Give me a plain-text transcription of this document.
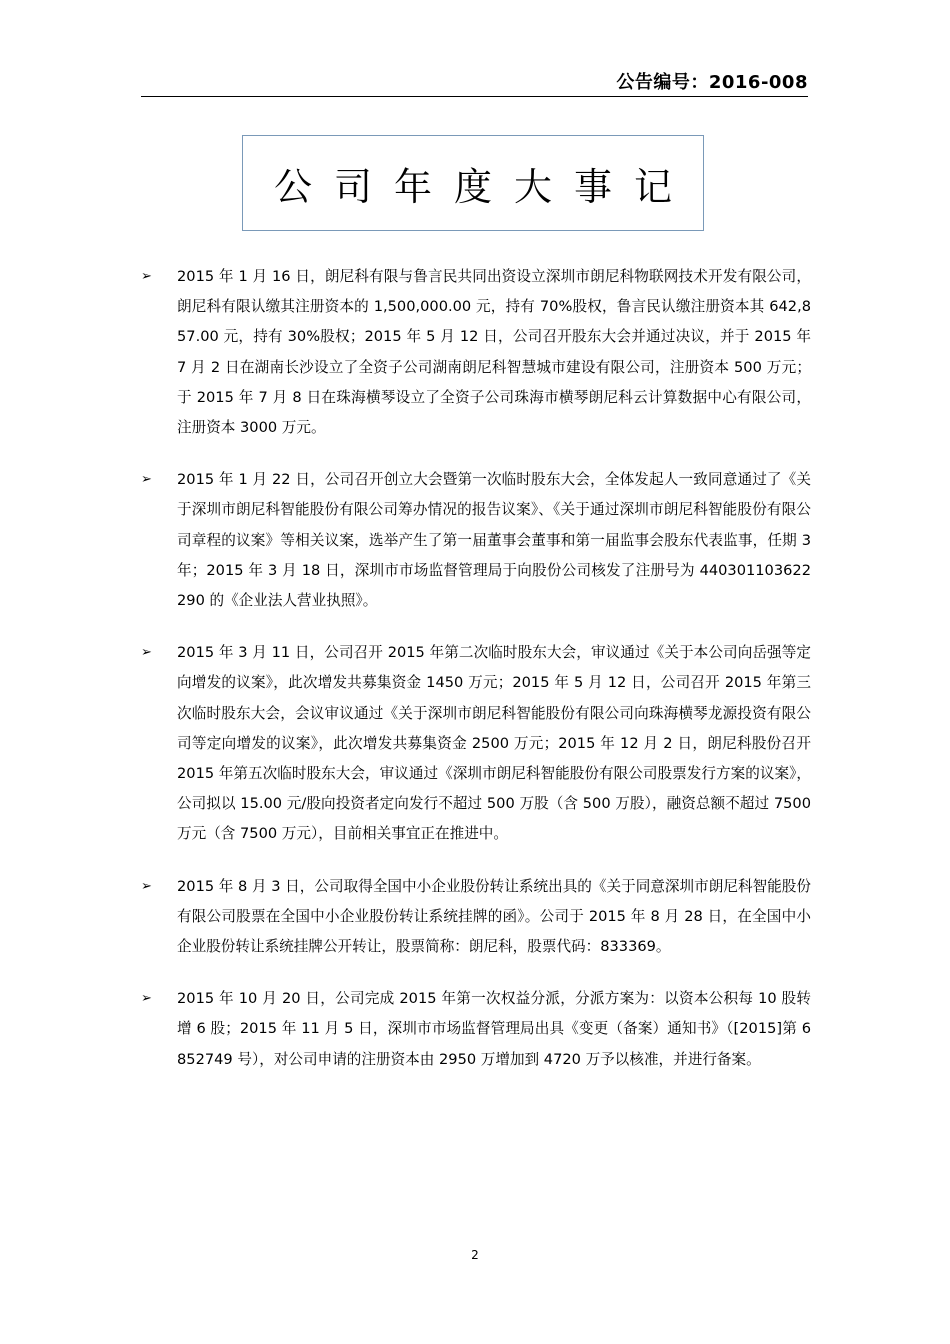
公告编号：2016-008
公司年度大事记
➢	2015 年 1 月 16 日，朗尼科有限与鲁言民共同出资设立深圳市朗尼科物联网技术开发有限公司，朗尼科有限认缴其注册资本的 1,500,000.00 元，持有 70%股权，鲁言民认缴注册资本其 642,857.00 元，持有 30%股权；2015 年 5 月 12 日，公司召开股东大会并通过决议，并于 2015 年 7 月 2 日在湖南长沙设立了全资子公司湖南朗尼科智慧城市建设有限公司，注册资本 500 万元；于 2015 年 7 月 8 日在珠海横琴设立了全资子公司珠海市横琴朗尼科云计算数据中心有限公司，注册资本 3000 万元。
➢	2015 年 1 月 22 日，公司召开创立大会暨第一次临时股东大会，全体发起人一致同意通过了《关于深圳市朗尼科智能股份有限公司筹办情况的报告议案》、《关于通过深圳市朗尼科智能股份有限公司章程的议案》等相关议案，选举产生了第一届董事会董事和第一届监事会股东代表监事，任期 3 年；2015 年 3 月 18 日，深圳市市场监督管理局于向股份公司核发了注册号为 440301103622290 的《企业法人营业执照》。
➢	2015 年 3 月 11 日，公司召开 2015 年第二次临时股东大会，审议通过《关于本公司向岳强等定向增发的议案》，此次增发共募集资金 1450 万元；2015 年 5 月 12 日，公司召开 2015 年第三次临时股东大会，会议审议通过《关于深圳市朗尼科智能股份有限公司向珠海横琴龙源投资有限公司等定向增发的议案》，此次增发共募集资金 2500 万元；2015 年 12 月 2 日，朗尼科股份召开 2015 年第五次临时股东大会，审议通过《深圳市朗尼科智能股份有限公司股票发行方案的议案》，公司拟以 15.00 元/股向投资者定向发行不超过 500 万股（含 500 万股），融资总额不超过 7500 万元（含 7500 万元），目前相关事宜正在推进中。
➢	2015 年 8 月 3 日，公司取得全国中小企业股份转让系统出具的《关于同意深圳市朗尼科智能股份有限公司股票在全国中小企业股份转让系统挂牌的函》。公司于 2015 年 8 月 28 日，在全国中小企业股份转让系统挂牌公开转让，股票简称：朗尼科，股票代码：833369。
➢	2015 年 10 月 20 日，公司完成 2015 年第一次权益分派，分派方案为：以资本公积每 10 股转增 6 股；2015 年 11 月 5 日，深圳市市场监督管理局出具《变更（备案）通知书》（[2015]第 6852749 号），对公司申请的注册资本由 2950 万增加到 4720 万予以核准，并进行备案。
2
